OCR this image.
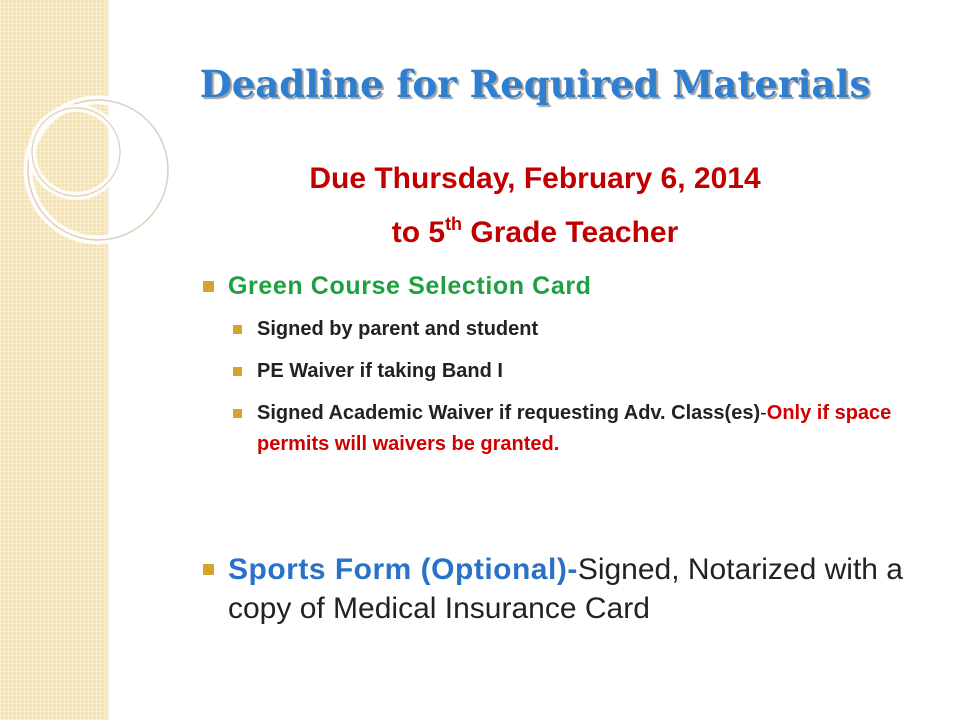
Deadline for Required Materials

Due Thursday, February 6, 2014

to 5th Grade Teacher

Green Course Selection Card
Signed by parent and student
PE Waiver if taking Band I
Signed Academic Waiver if requesting Adv. Class(es)-Only if space permits will waivers be granted.
Sports Form (Optional)-Signed, Notarized with a copy of Medical Insurance Card
